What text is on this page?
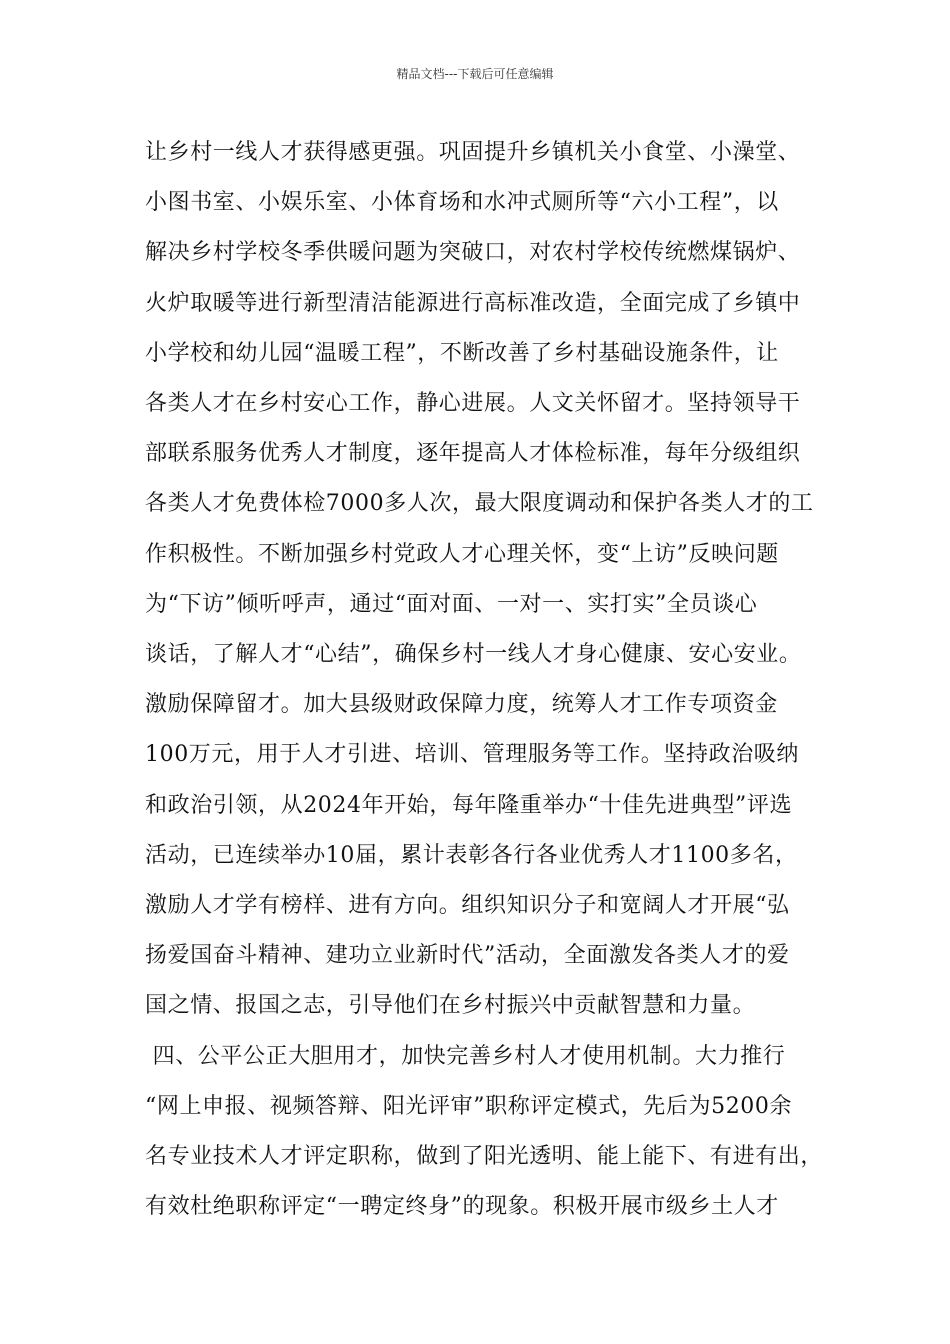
精品文档---下载后可任意编辑
让乡村一线人才获得感更强。巩固提升乡镇机关小食堂、小澡堂、
小图书室、小娱乐室、小体育场和水冲式厕所等“六小工程”，以
解决乡村学校冬季供暖问题为突破口，对农村学校传统燃煤锅炉、
火炉取暖等进行新型清洁能源进行高标准改造，全面完成了乡镇中
小学校和幼儿园“温暖工程”，不断改善了乡村基础设施条件，让
各类人才在乡村安心工作，静心进展。人文关怀留才。坚持领导干
部联系服务优秀人才制度，逐年提高人才体检标准，每年分级组织
各类人才免费体检7000多人次，最大限度调动和保护各类人才的工
作积极性。不断加强乡村党政人才心理关怀，变“上访”反映问题
为“下访”倾听呼声，通过“面对面、一对一、实打实”全员谈心
谈话，了解人才“心结”，确保乡村一线人才身心健康、安心安业。
激励保障留才。加大县级财政保障力度，统筹人才工作专项资金
100万元，用于人才引进、培训、管理服务等工作。坚持政治吸纳
和政治引领，从2024年开始，每年隆重举办“十佳先进典型”评选
活动，已连续举办10届，累计表彰各行各业优秀人才1100多名，
激励人才学有榜样、进有方向。组织知识分子和宽阔人才开展“弘
扬爱国奋斗精神、建功立业新时代”活动，全面激发各类人才的爱
国之情、报国之志，引导他们在乡村振兴中贡献智慧和力量。
四、公平公正大胆用才，加快完善乡村人才使用机制。大力推行
“网上申报、视频答辩、阳光评审”职称评定模式，先后为5200余
名专业技术人才评定职称，做到了阳光透明、能上能下、有进有出，
有效杜绝职称评定“一聘定终身”的现象。积极开展市级乡土人才
